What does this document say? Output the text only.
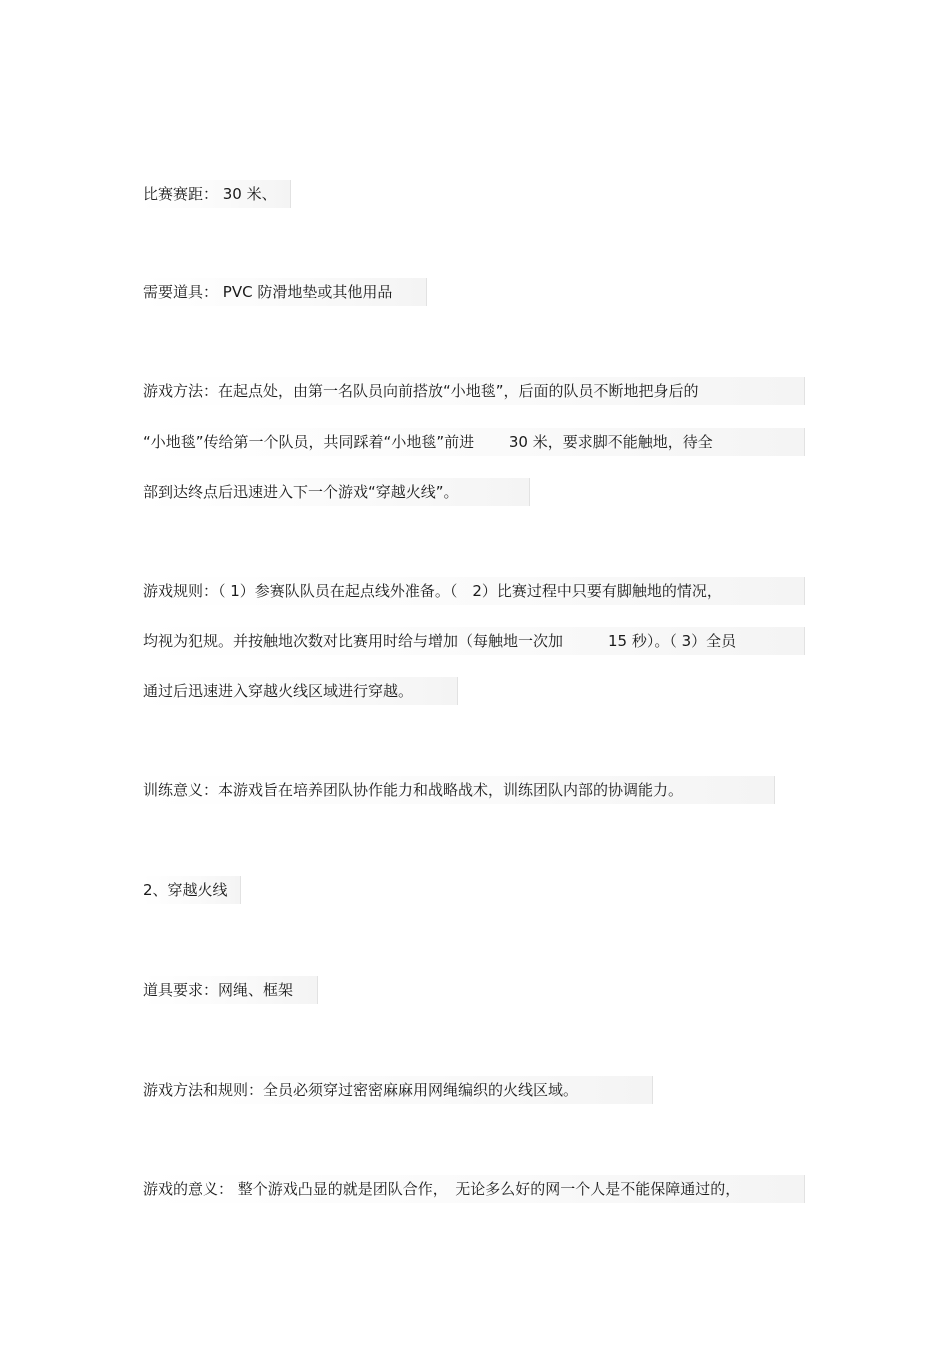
比赛赛距： 30 米、
需要道具： PVC 防滑地垫或其他用品
游戏方法：在起点处，由第一名队员向前搭放“小地毯”，后面的队员不断地把身后的
“小地毯”传给第一个队员，共同踩着“小地毯”前进　　 30 米，要求脚不能触地，待全
部到达终点后迅速进入下一个游戏“穿越火线”。
游戏规则：（ 1）参赛队队员在起点线外准备。（　2）比赛过程中只要有脚触地的情况，
均视为犯规。并按触地次数对比赛用时给与增加（每触地一次加　　　15 秒）。（ 3）全员
通过后迅速进入穿越火线区域进行穿越。
训练意义：本游戏旨在培养团队协作能力和战略战术，训练团队内部的协调能力。
2、穿越火线
道具要求：网绳、框架
游戏方法和规则：全员必须穿过密密麻麻用网绳编织的火线区域。
游戏的意义： 整个游戏凸显的就是团队合作，　无论多么好的网一个人是不能保障通过的，
